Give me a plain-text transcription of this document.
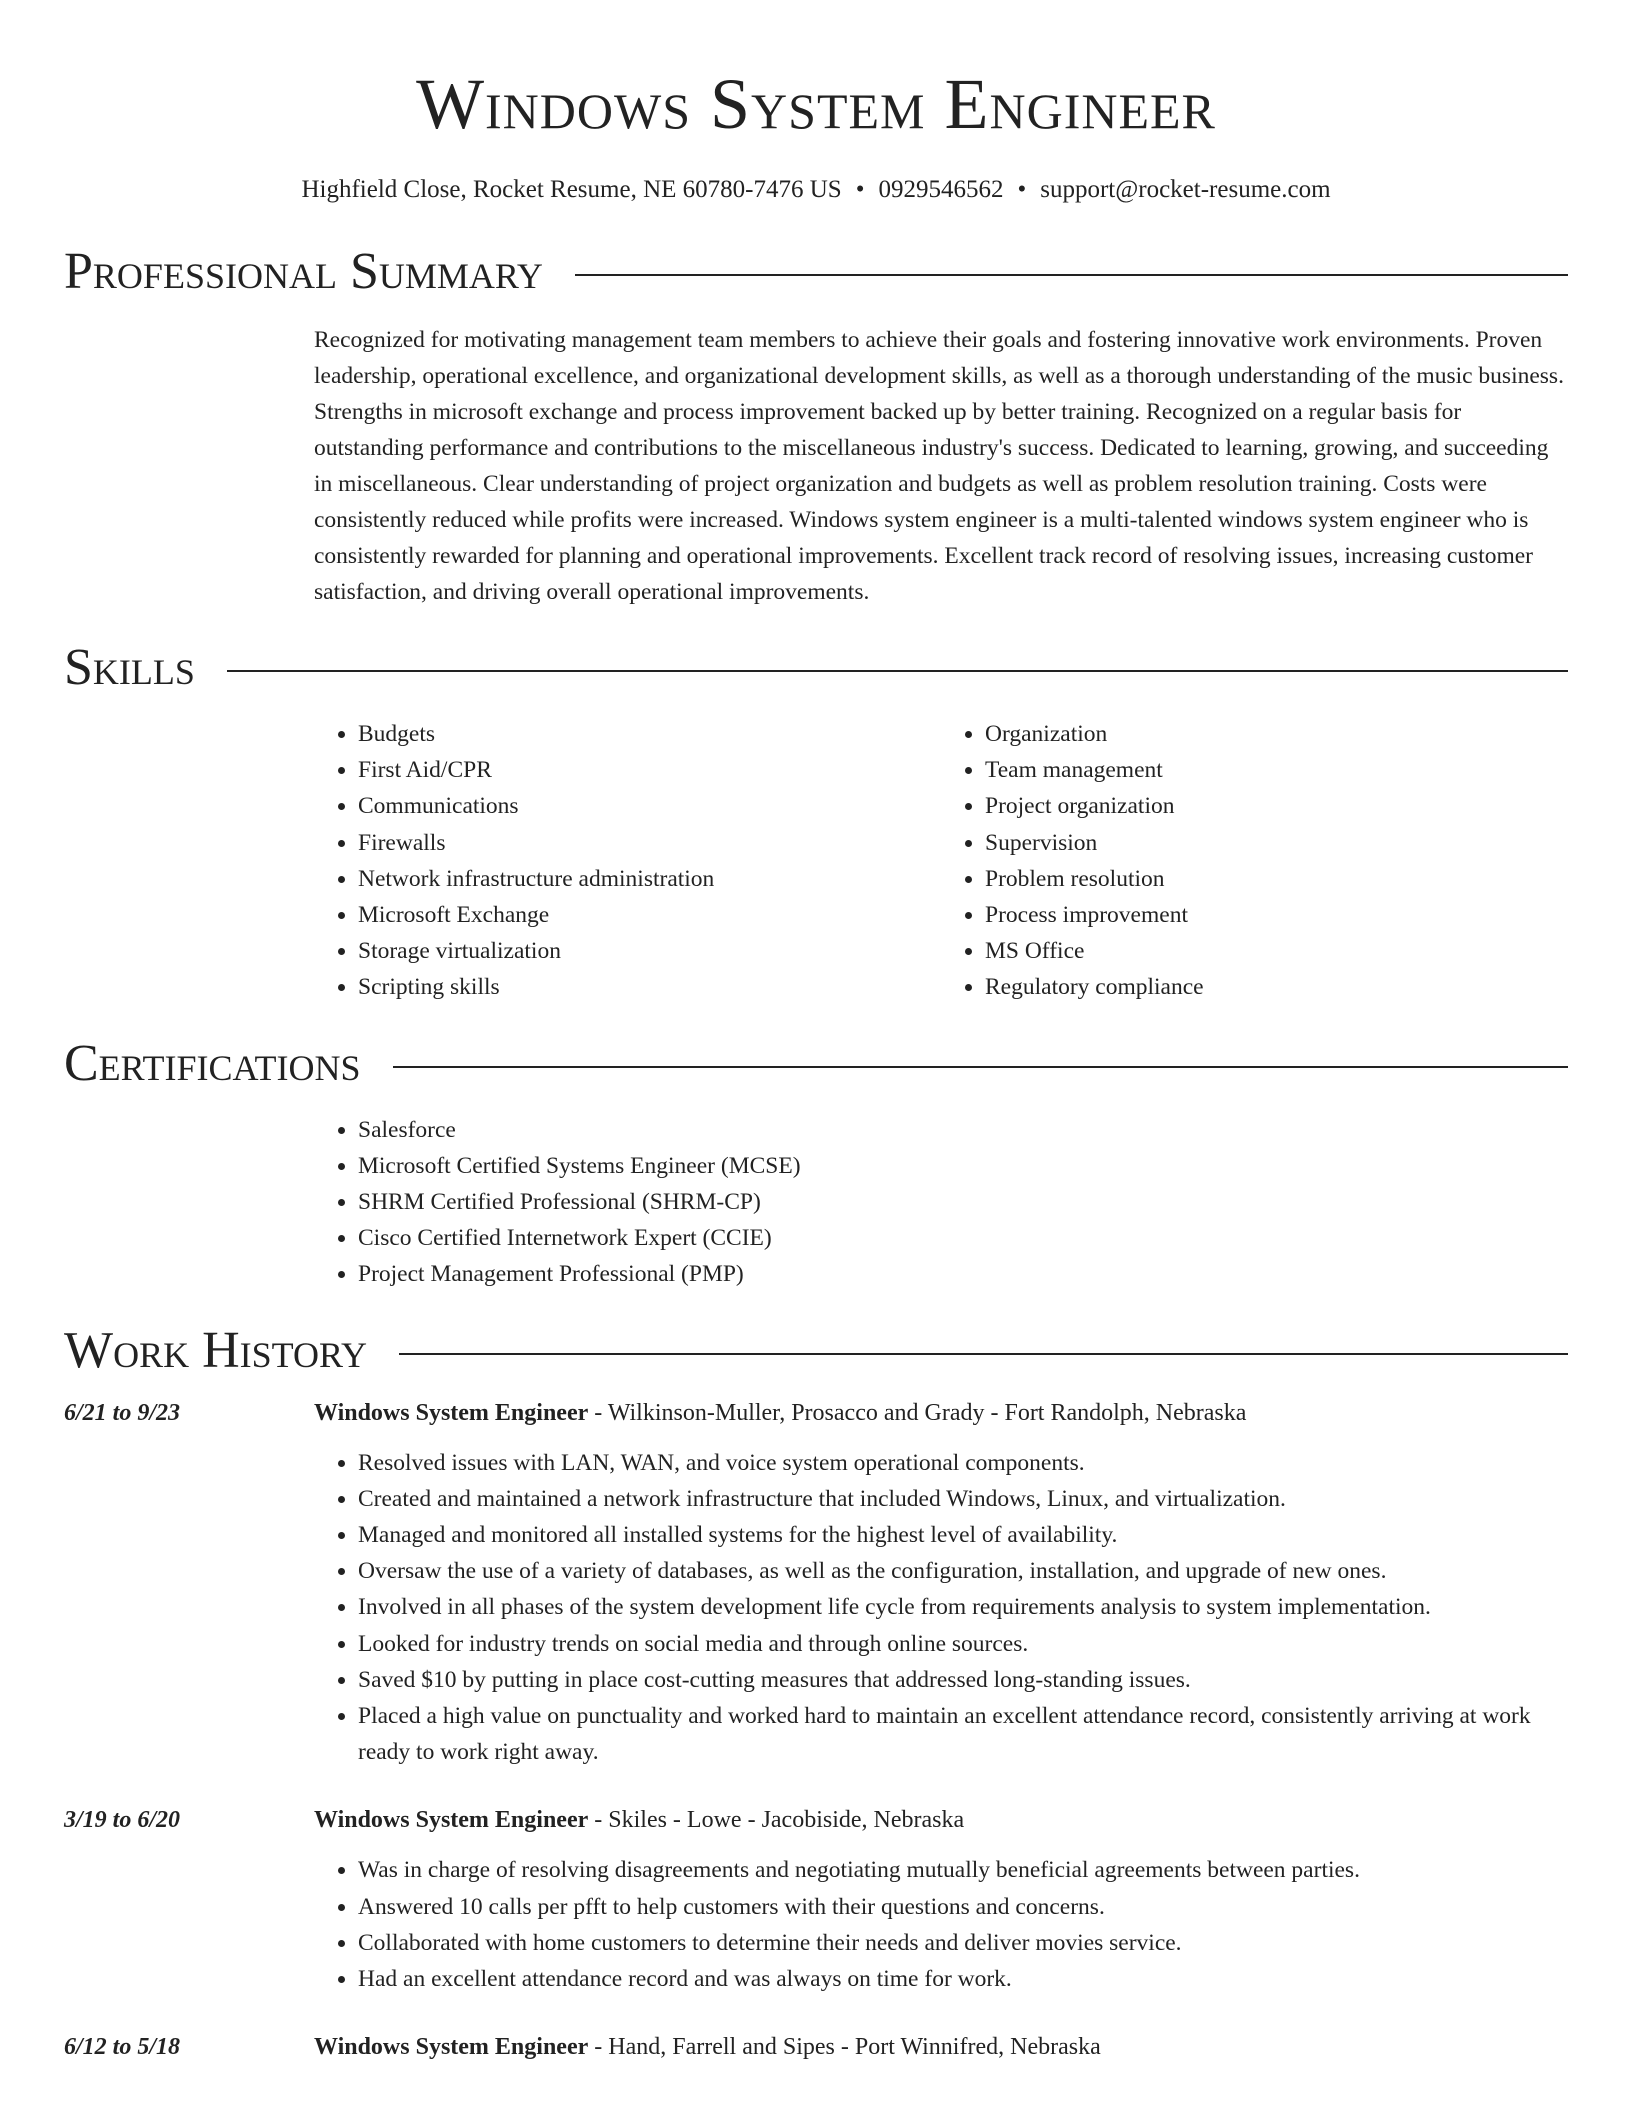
Windows System Engineer
Highfield Close, Rocket Resume, NE 60780-7476 US • 0929546562 • support@rocket-resume.com
Professional Summary
Recognized for motivating management team members to achieve their goals and fostering innovative work environments. Proven leadership, operational excellence, and organizational development skills, as well as a thorough understanding of the music business. Strengths in microsoft exchange and process improvement backed up by better training. Recognized on a regular basis for outstanding performance and contributions to the miscellaneous industry's success. Dedicated to learning, growing, and succeeding in miscellaneous. Clear understanding of project organization and budgets as well as problem resolution training. Costs were consistently reduced while profits were increased. Windows system engineer is a multi-talented windows system engineer who is consistently rewarded for planning and operational improvements. Excellent track record of resolving issues, increasing customer satisfaction, and driving overall operational improvements.
Skills
• Budgets
• First Aid/CPR
• Communications
• Firewalls
• Network infrastructure administration
• Microsoft Exchange
• Storage virtualization
• Scripting skills
• Organization
• Team management
• Project organization
• Supervision
• Problem resolution
• Process improvement
• MS Office
• Regulatory compliance
Certifications
• Salesforce
• Microsoft Certified Systems Engineer (MCSE)
• SHRM Certified Professional (SHRM-CP)
• Cisco Certified Internetwork Expert (CCIE)
• Project Management Professional (PMP)
Work History
6/21 to 9/23	Windows System Engineer - Wilkinson-Muller, Prosacco and Grady - Fort Randolph, Nebraska
• Resolved issues with LAN, WAN, and voice system operational components.
• Created and maintained a network infrastructure that included Windows, Linux, and virtualization.
• Managed and monitored all installed systems for the highest level of availability.
• Oversaw the use of a variety of databases, as well as the configuration, installation, and upgrade of new ones.
• Involved in all phases of the system development life cycle from requirements analysis to system implementation.
• Looked for industry trends on social media and through online sources.
• Saved $10 by putting in place cost-cutting measures that addressed long-standing issues.
• Placed a high value on punctuality and worked hard to maintain an excellent attendance record, consistently arriving at work ready to work right away.
3/19 to 6/20	Windows System Engineer - Skiles - Lowe - Jacobiside, Nebraska
• Was in charge of resolving disagreements and negotiating mutually beneficial agreements between parties.
• Answered 10 calls per pfft to help customers with their questions and concerns.
• Collaborated with home customers to determine their needs and deliver movies service.
• Had an excellent attendance record and was always on time for work.
6/12 to 5/18	Windows System Engineer - Hand, Farrell and Sipes - Port Winnifred, Nebraska
